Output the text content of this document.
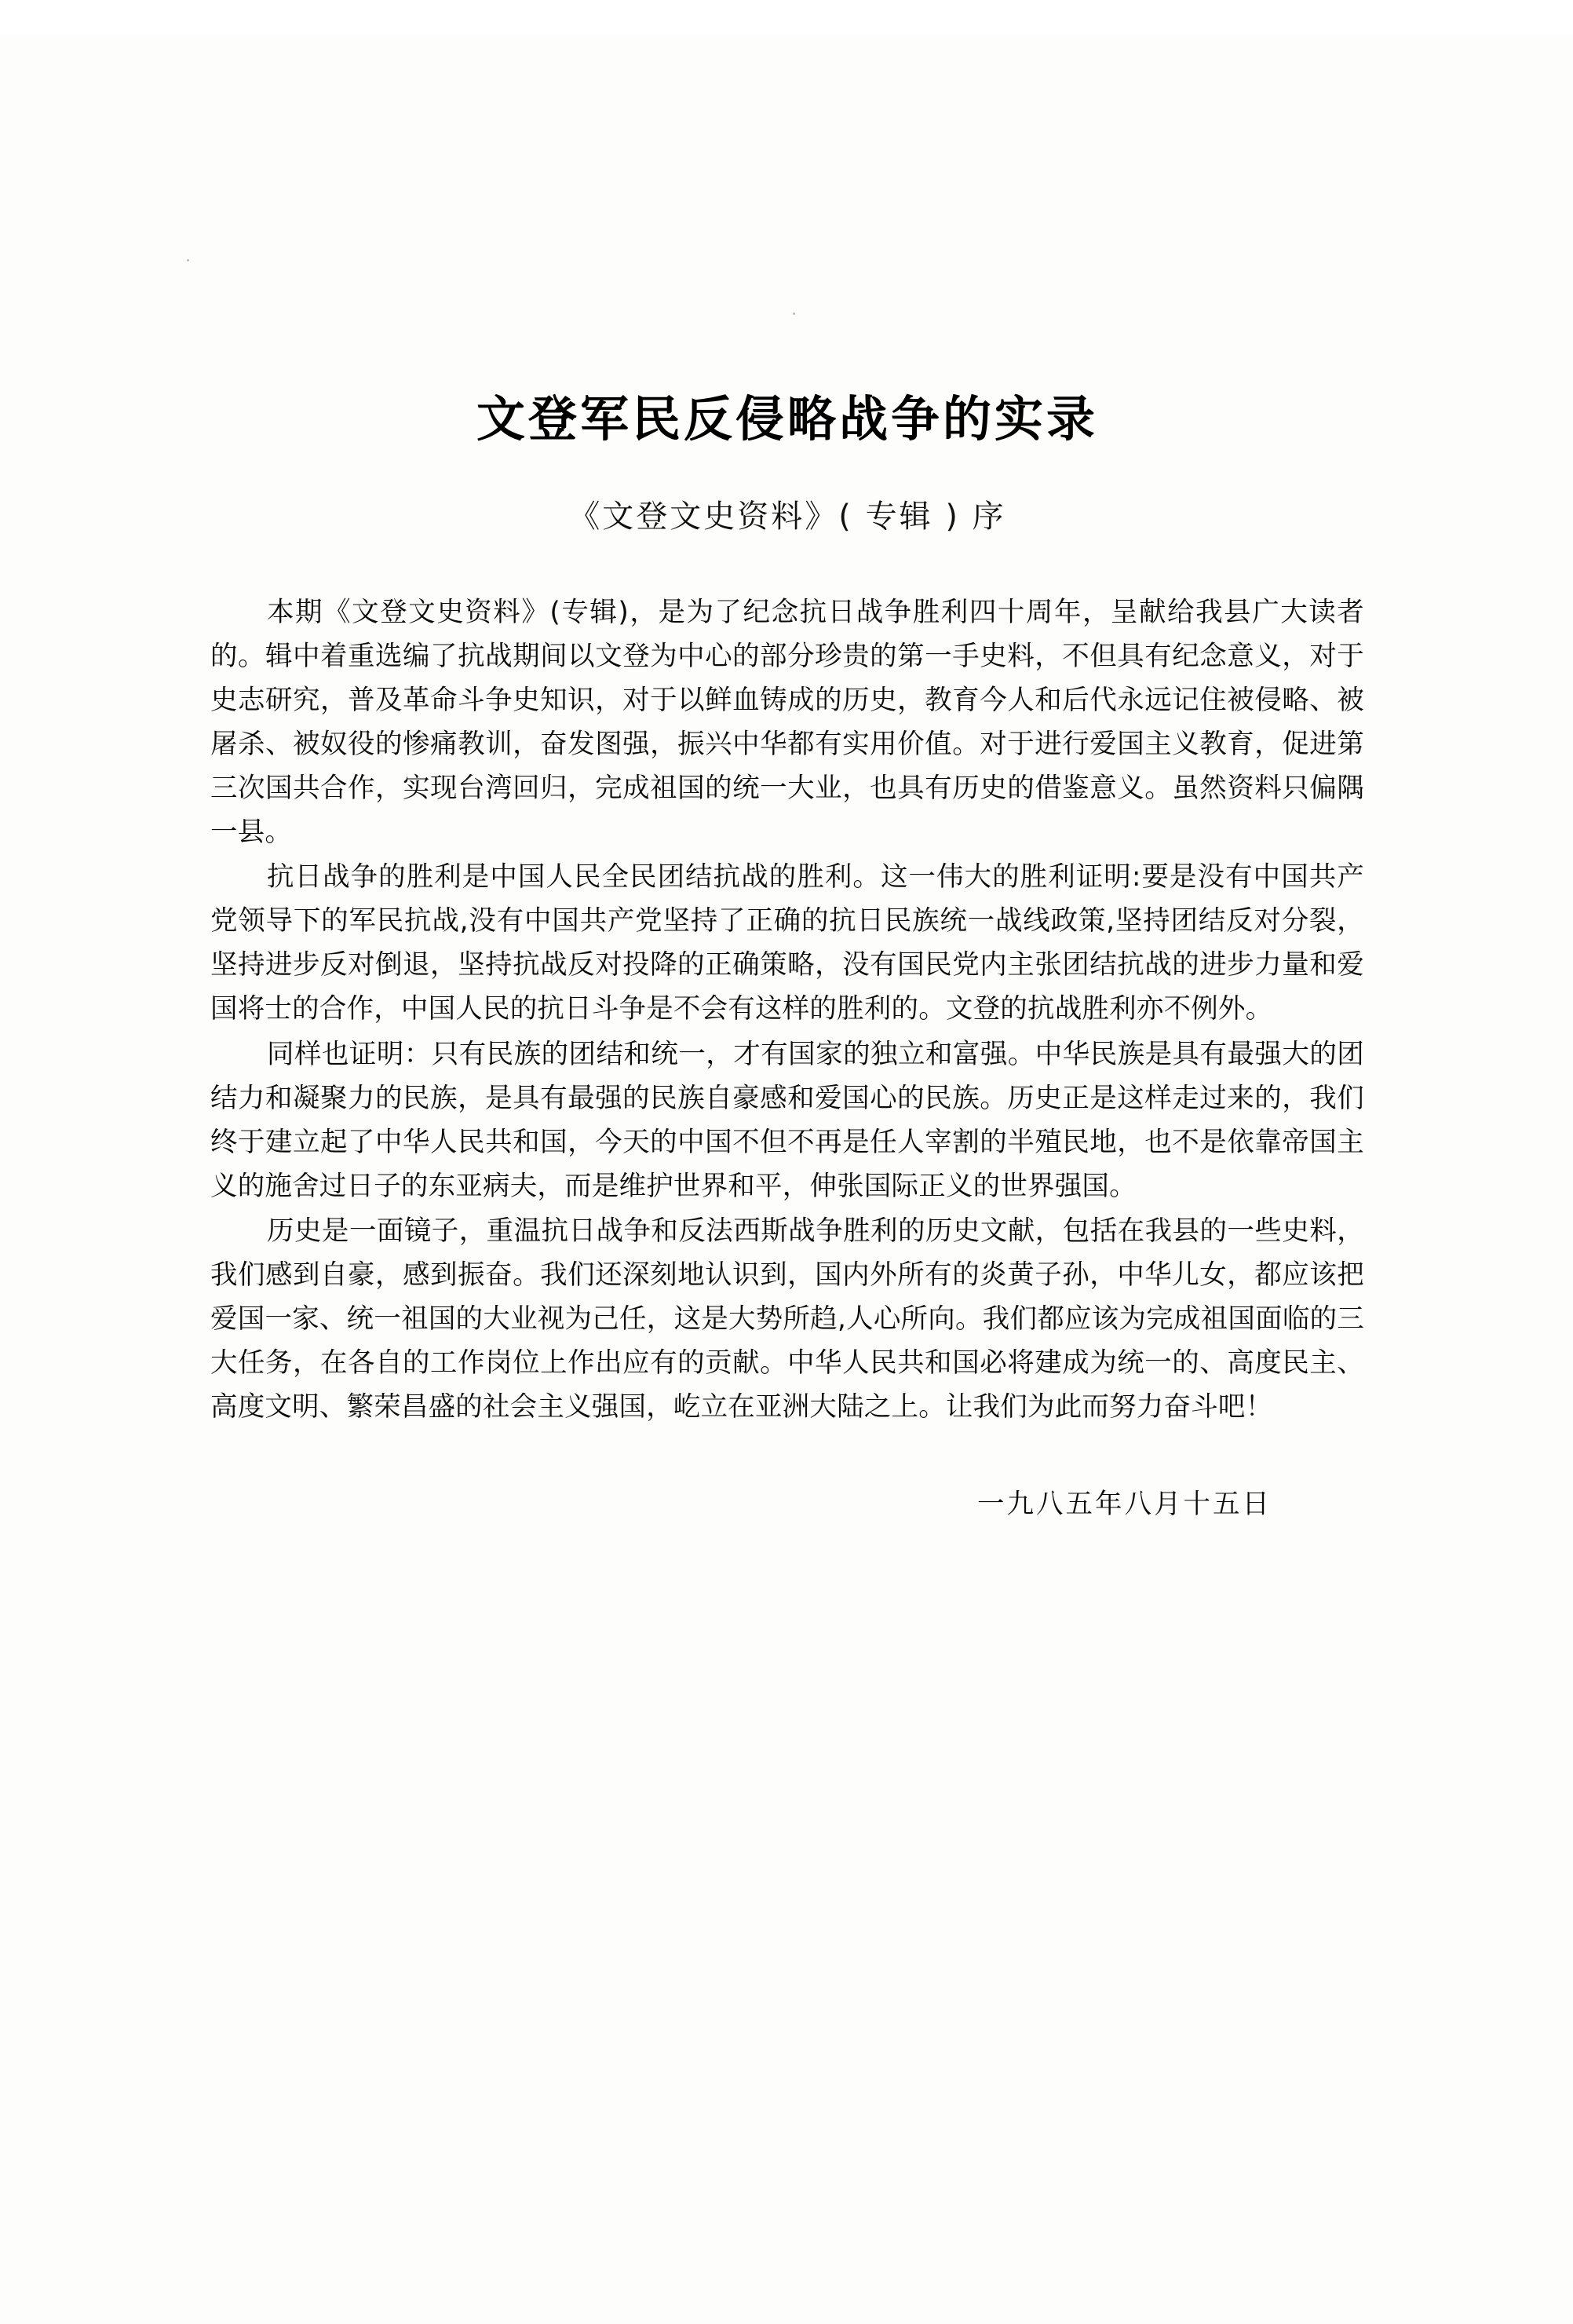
文登军民反侵略战争的实录
《文登文史资料》( 专辑 ) 序

本期《文登文史资料》(专辑)，是为了纪念抗日战争胜利四十周年，呈献给我县广大读者的。辑中着重选编了抗战期间以文登为中心的部分珍贵的第一手史料，不但具有纪念意义，对于史志研究，普及革命斗争史知识，对于以鲜血铸成的历史，教育今人和后代永远记住被侵略、被屠杀、被奴役的惨痛教训，奋发图强，振兴中华都有实用价值。对于进行爱国主义教育，促进第三次国共合作，实现台湾回归，完成祖国的统一大业，也具有历史的借鉴意义。虽然资料只偏隅一县。

抗日战争的胜利是中国人民全民团结抗战的胜利。这一伟大的胜利证明:要是没有中国共产党领导下的军民抗战,没有中国共产党坚持了正确的抗日民族统一战线政策,坚持团结反对分裂，坚持进步反对倒退，坚持抗战反对投降的正确策略，没有国民党内主张团结抗战的进步力量和爱国将士的合作，中国人民的抗日斗争是不会有这样的胜利的。文登的抗战胜利亦不例外。

同样也证明：只有民族的团结和统一，才有国家的独立和富强。中华民族是具有最强大的团结力和凝聚力的民族，是具有最强的民族自豪感和爱国心的民族。历史正是这样走过来的，我们终于建立起了中华人民共和国，今天的中国不但不再是任人宰割的半殖民地，也不是依靠帝国主义的施舍过日子的东亚病夫，而是维护世界和平，伸张国际正义的世界强国。

历史是一面镜子，重温抗日战争和反法西斯战争胜利的历史文献，包括在我县的一些史料，我们感到自豪，感到振奋。我们还深刻地认识到，国内外所有的炎黄子孙，中华儿女，都应该把爱国一家、统一祖国的大业视为己任，这是大势所趋,人心所向。我们都应该为完成祖国面临的三大任务，在各自的工作岗位上作出应有的贡献。中华人民共和国必将建成为统一的、高度民主、高度文明、繁荣昌盛的社会主义强国，屹立在亚洲大陆之上。让我们为此而努力奋斗吧！

一九八五年八月十五日
